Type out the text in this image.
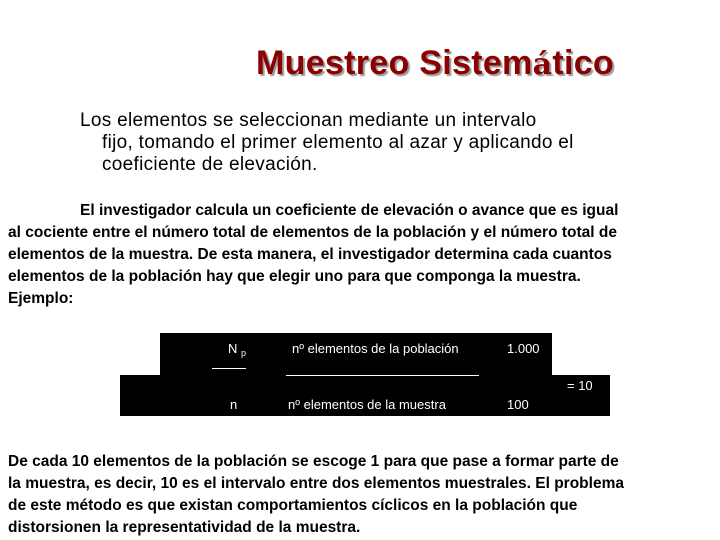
Muestreo Sistemático
Los elementos se seleccionan mediante un intervalo
fijo, tomando el primer elemento al azar y aplicando el
coeficiente de elevación.
El investigador calcula un coeficiente de elevación o avance que es igual
al cociente entre el número total de elementos de la población y el número total de
elementos de la muestra. De esta manera, el investigador determina cada cuantos
elementos de la población hay que elegir uno para que componga la muestra.
Ejemplo:
N p	nº elementos de la población	1.000
= 10
n	nº elementos de la muestra	100
De cada 10 elementos de la población se escoge 1 para que pase a formar parte de
la muestra, es decir, 10 es el intervalo entre dos elementos muestrales. El problema
de este método es que existan comportamientos cíclicos en la población que
distorsionen la representatividad de la muestra.
